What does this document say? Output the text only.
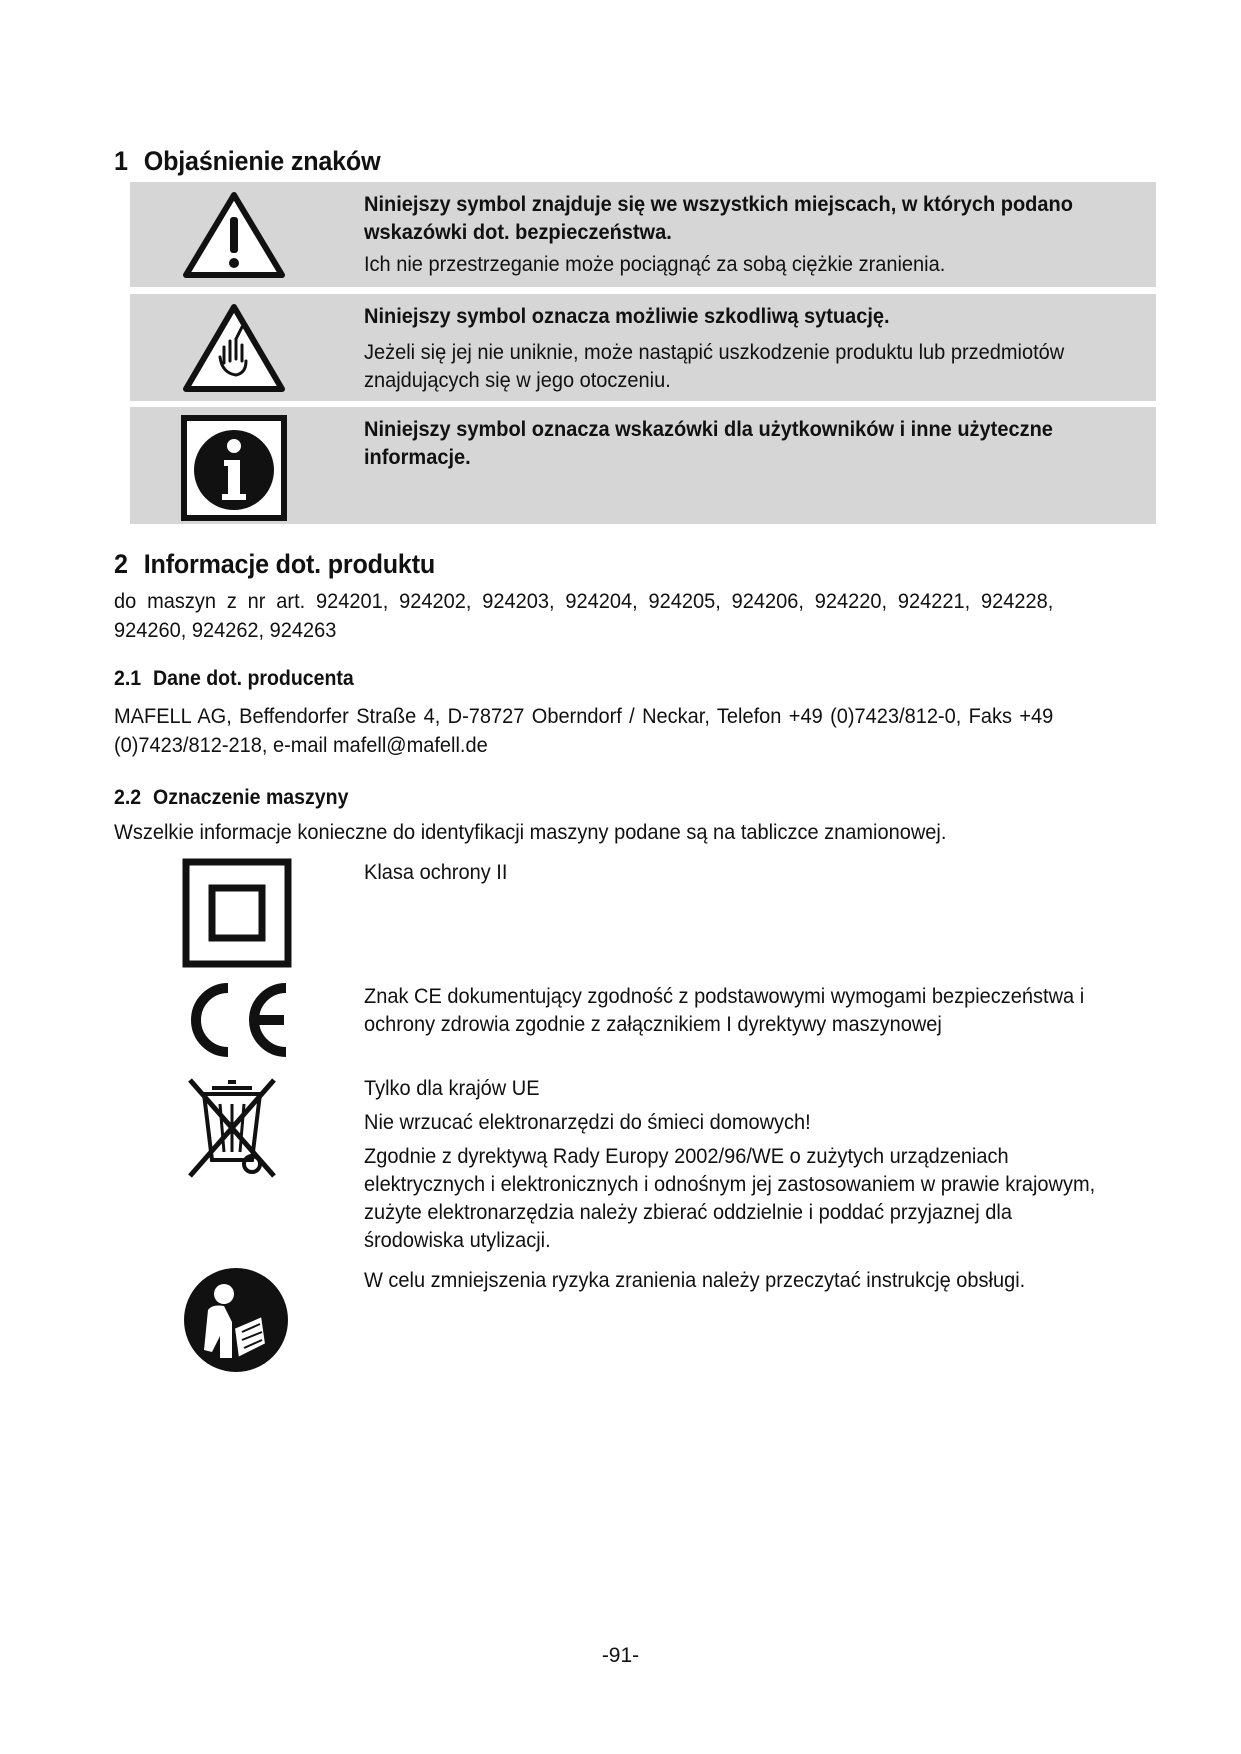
1 Objaśnienie znaków

Niniejszy symbol znajduje się we wszystkich miejscach, w których podano wskazówki dot. bezpieczeństwa.

Ich nie przestrzeganie może pociągnąć za sobą ciężkie zranienia.

Niniejszy symbol oznacza możliwie szkodliwą sytuację.

Jeżeli się jej nie uniknie, może nastąpić uszkodzenie produktu lub przedmiotów znajdujących się w jego otoczeniu.

Niniejszy symbol oznacza wskazówki dla użytkowników i inne użyteczne informacje.

2 Informacje dot. produktu
do maszyn z nr art. 924201, 924202, 924203, 924204, 924205, 924206, 924220, 924221, 924228, 924260, 924262, 924263
2.1 Dane dot. producenta
MAFELL AG, Beffendorfer Straße 4, D-78727 Oberndorf / Neckar, Telefon +49 (0)7423/812-0, Faks +49 (0)7423/812-218, e-mail mafell@mafell.de
2.2 Oznaczenie maszyny
Wszelkie informacje konieczne do identyfikacji maszyny podane są na tabliczce znamionowej.

Klasa ochrony II

Znak CE dokumentujący zgodność z podstawowymi wymogami bezpieczeństwa i ochrony zdrowia zgodnie z załącznikiem I dyrektywy maszynowej

Tylko dla krajów UE

Nie wrzucać elektronarzędzi do śmieci domowych!

Zgodnie z dyrektywą Rady Europy 2002/96/WE o zużytych urządzeniach elektrycznych i elektronicznych i odnośnym jej zastosowaniem w prawie krajowym, zużyte elektronarzędzia należy zbierać oddzielnie i poddać przyjaznej dla środowiska utylizacji.

W celu zmniejszenia ryzyka zranienia należy przeczytać instrukcję obsługi.

-91-
